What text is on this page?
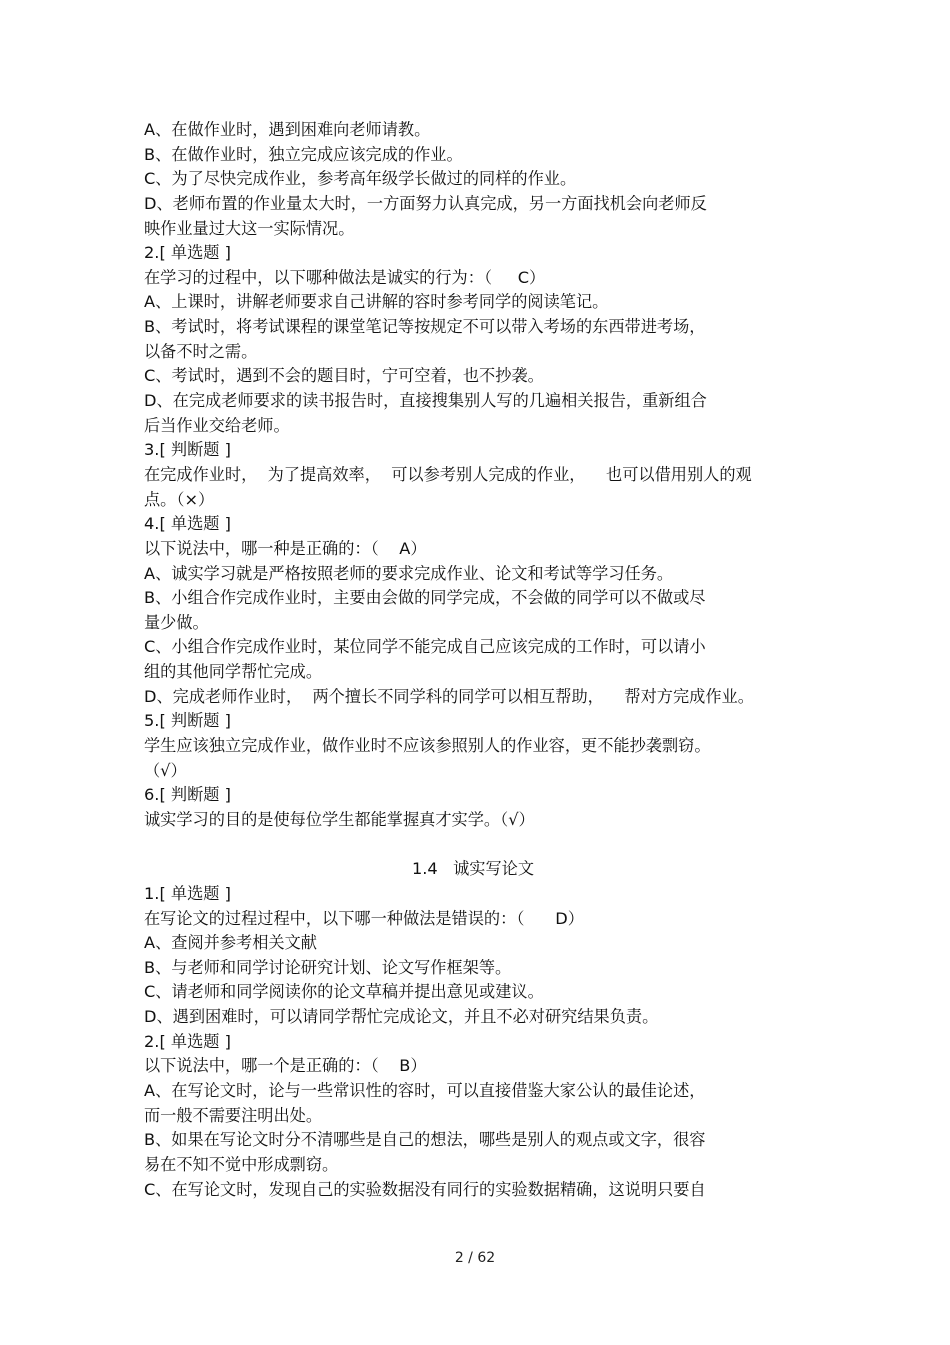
A、在做作业时，遇到困难向老师请教。
B、在做作业时，独立完成应该完成的作业。
C、为了尽快完成作业，参考高年级学长做过的同样的作业。
D、老师布置的作业量太大时，一方面努力认真完成，另一方面找机会向老师反
映作业量过大这一实际情况。
2.[ 单选题 ]
在学习的过程中，以下哪种做法是诚实的行为：（     C）
A、上课时，讲解老师要求自己讲解的容时参考同学的阅读笔记。
B、考试时，将考试课程的课堂笔记等按规定不可以带入考场的东西带进考场，
以备不时之需。
C、考试时，遇到不会的题目时，宁可空着，也不抄袭。
D、在完成老师要求的读书报告时，直接搜集别人写的几遍相关报告，重新组合
后当作业交给老师。
3.[ 判断题 ]
在完成作业时，  为了提高效率，  可以参考别人完成的作业，    也可以借用别人的观
点。（×）
4.[ 单选题 ]
以下说法中，哪一种是正确的：（    A）
A、诚实学习就是严格按照老师的要求完成作业、论文和考试等学习任务。
B、小组合作完成作业时，主要由会做的同学完成，不会做的同学可以不做或尽
量少做。
C、小组合作完成作业时，某位同学不能完成自己应该完成的工作时，可以请小
组的其他同学帮忙完成。
D、完成老师作业时，  两个擅长不同学科的同学可以相互帮助，    帮对方完成作业。
5.[ 判断题 ]
学生应该独立完成作业，做作业时不应该参照别人的作业容，更不能抄袭剽窃。
（√）
6.[ 判断题 ]
诚实学习的目的是使每位学生都能掌握真才实学。（√）
1.4   诚实写论文
1.[ 单选题 ]
在写论文的过程过程中，以下哪一种做法是错误的：（      D）
A、查阅并参考相关文献
B、与老师和同学讨论研究计划、论文写作框架等。
C、请老师和同学阅读你的论文草稿并提出意见或建议。
D、遇到困难时，可以请同学帮忙完成论文，并且不必对研究结果负责。
2.[ 单选题 ]
以下说法中，哪一个是正确的：（    B）
A、在写论文时，论与一些常识性的容时，可以直接借鉴大家公认的最佳论述，
而一般不需要注明出处。
B、如果在写论文时分不清哪些是自己的想法，哪些是别人的观点或文字，很容
易在不知不觉中形成剽窃。
C、在写论文时，发现自己的实验数据没有同行的实验数据精确，这说明只要自
2 / 62
